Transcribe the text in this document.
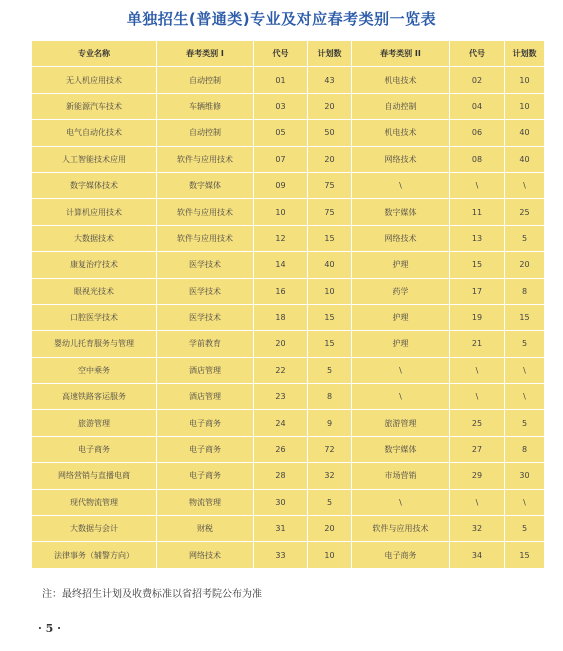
单独招生(普通类)专业及对应春考类别一览表
专业名称	春考类别 I	代号	计划数	春考类别 II	代号	计划数
无人机应用技术	自动控制	01	43	机电技术	02	10
新能源汽车技术	车辆维修	03	20	自动控制	04	10
电气自动化技术	自动控制	05	50	机电技术	06	40
人工智能技术应用	软件与应用技术	07	20	网络技术	08	40
数字媒体技术	数字媒体	09	75	\	\	\
计算机应用技术	软件与应用技术	10	75	数字媒体	11	25
大数据技术	软件与应用技术	12	15	网络技术	13	5
康复治疗技术	医学技术	14	40	护理	15	20
眼视光技术	医学技术	16	10	药学	17	8
口腔医学技术	医学技术	18	15	护理	19	15
婴幼儿托育服务与管理	学前教育	20	15	护理	21	5
空中乘务	酒店管理	22	5	\	\	\
高速铁路客运服务	酒店管理	23	8	\	\	\
旅游管理	电子商务	24	9	旅游管理	25	5
电子商务	电子商务	26	72	数字媒体	27	8
网络营销与直播电商	电子商务	28	32	市场营销	29	30
现代物流管理	物流管理	30	5	\	\	\
大数据与会计	财税	31	20	软件与应用技术	32	5
法律事务（辅警方向）	网络技术	33	10	电子商务	34	15
注：最终招生计划及收费标准以省招考院公布为准
· 5 ·
